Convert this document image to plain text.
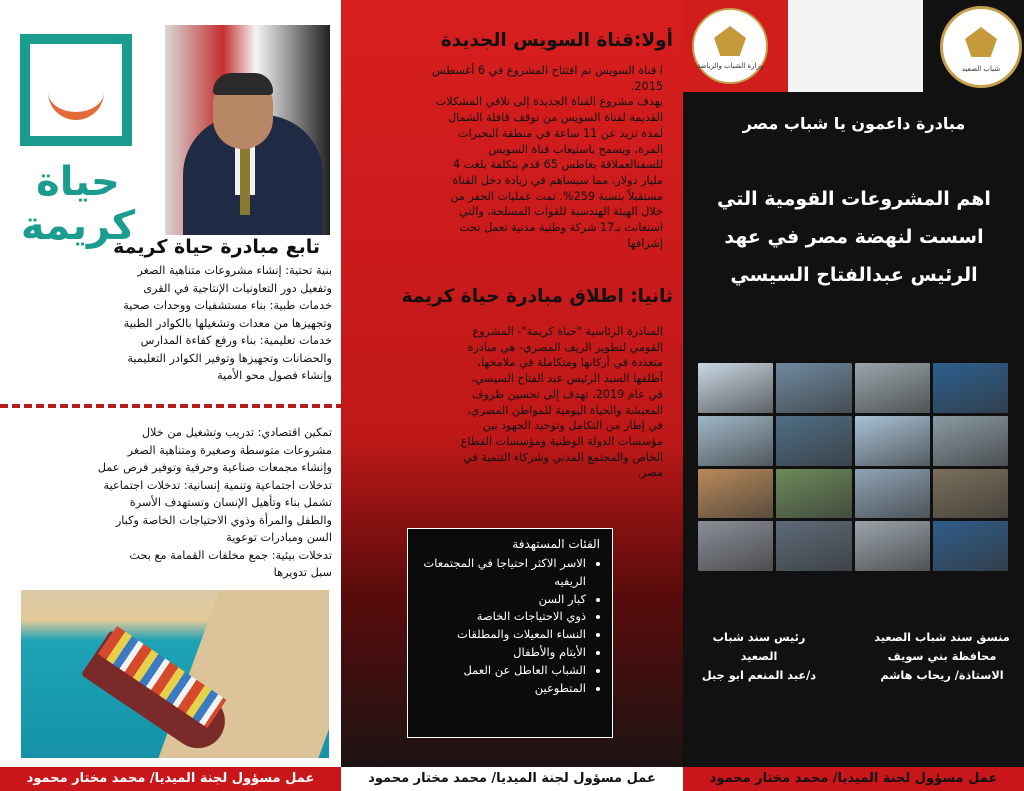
حياة كريمة
تابع مبادرة حياة كريمة
بنية تحتية: إنشاء مشروعات متناهية الصغر
وتفعيل دور التعاونيات الإنتاجية في القرى
خدمات طبية: بناء مستشفيات ووحدات صحية
وتجهيزها من معدات وتشغيلها بالكوادر الطبية
خدمات تعليمية: بناء ورفع كفاءة المدارس
والحضانات وتجهيزها وتوفير الكوادر التعليمية
وإنشاء فصول محو الأمية
تمكين اقتصادي: تدريب وتشغيل من خلال
مشروعات متوسطة وصغيرة ومتناهية الصغر
وإنشاء مجمعات صناعية وحرفية وتوفير فرص عمل
تدخلات اجتماعية وتنمية إنسانية: تدخلات اجتماعية
تشمل بناء وتأهيل الإنسان وتستهدف الأسرة
والطفل والمرأة وذوي الاحتياجات الخاصة وكبار
السن ومبادرات توعوية
تدخلات بيئية: جمع مخلفات القمامة مع بحث
سبل تدويرها
عمل مسؤول لجنة الميديا/ محمد مختار محمود
أولا:قناة السويس الجديدة
ا قناة السويس تم افتتاح المشروع في 6 أغسطس
2015.
يهدف مشروع القناة الجديدة إلى تلافي المشكلات
القديمة لقناة السويس من توقف قافلة الشمال
لمدة تزيد عن 11 ساعة في منطقة البحيرات
المرة، ويسمح باستيعاب قناة السويس
للسفنالعملاقة بغاطس 65 قدم بتكلفة بلغت 4
مليار دولار، مما سيساهم في زيادة دخل القناة
مستقبلاً بنسبة 259%. تمت عمليات الحفر من
خلال الهيئة الهندسية للقوات المسلحة، والتي
استعانت بـ17 شركة وطنية مدنية تعمل تحت
إشرافها
ثانيا: اطلاق مبادرة حياة كريمة
المبادرة الرئاسية "حياة كريمة"- المشروع
القومي لتطوير الريف المصري- هي مبادرة
متعددة في أركانها ومتكاملة في ملامحها،
أطلقها السيد الرئيس عبد الفتاح السيسي،
في عام 2019، تهدف إلى تحسين ظروف
المعيشة والحياة اليومية للمواطن المصري،
في إطار من التكامل وتوحيد الجهود بين
مؤسسات الدولة الوطنية ومؤسسات القطاع
الخاص والمجتمع المدني وشركاء التنمية في
مصر.
عمل مسؤول لجنة الميديا/ محمد مختار محمود
الفئات المستهدفة
• الاسر الاكثر احتياجا في المجتمعات الريفيه
• كبار السن
• ذوي الاحتياجات الخاصة
• النساء المعيلات والمطلقات
• الأيتام والأطفال
• الشباب العاطل عن العمل
• المتطوعين
عمل مسؤول لجنة الميديا/ محمد مختار محمود
وزارة الشباب والرياضة	شباب الصعيد
مبادرة داعمون يا شباب مصر
اهم المشروعات القومية التي
اسست لنهضة مصر في عهد
الرئيس عبدالفتاح السيسي
رئيس سند شباب
الصعيد
د/عبد المنعم ابو جبل
منسق سند شباب الصعيد
محافظة بني سويف
الاستاذة/ ريحاب هاشم
